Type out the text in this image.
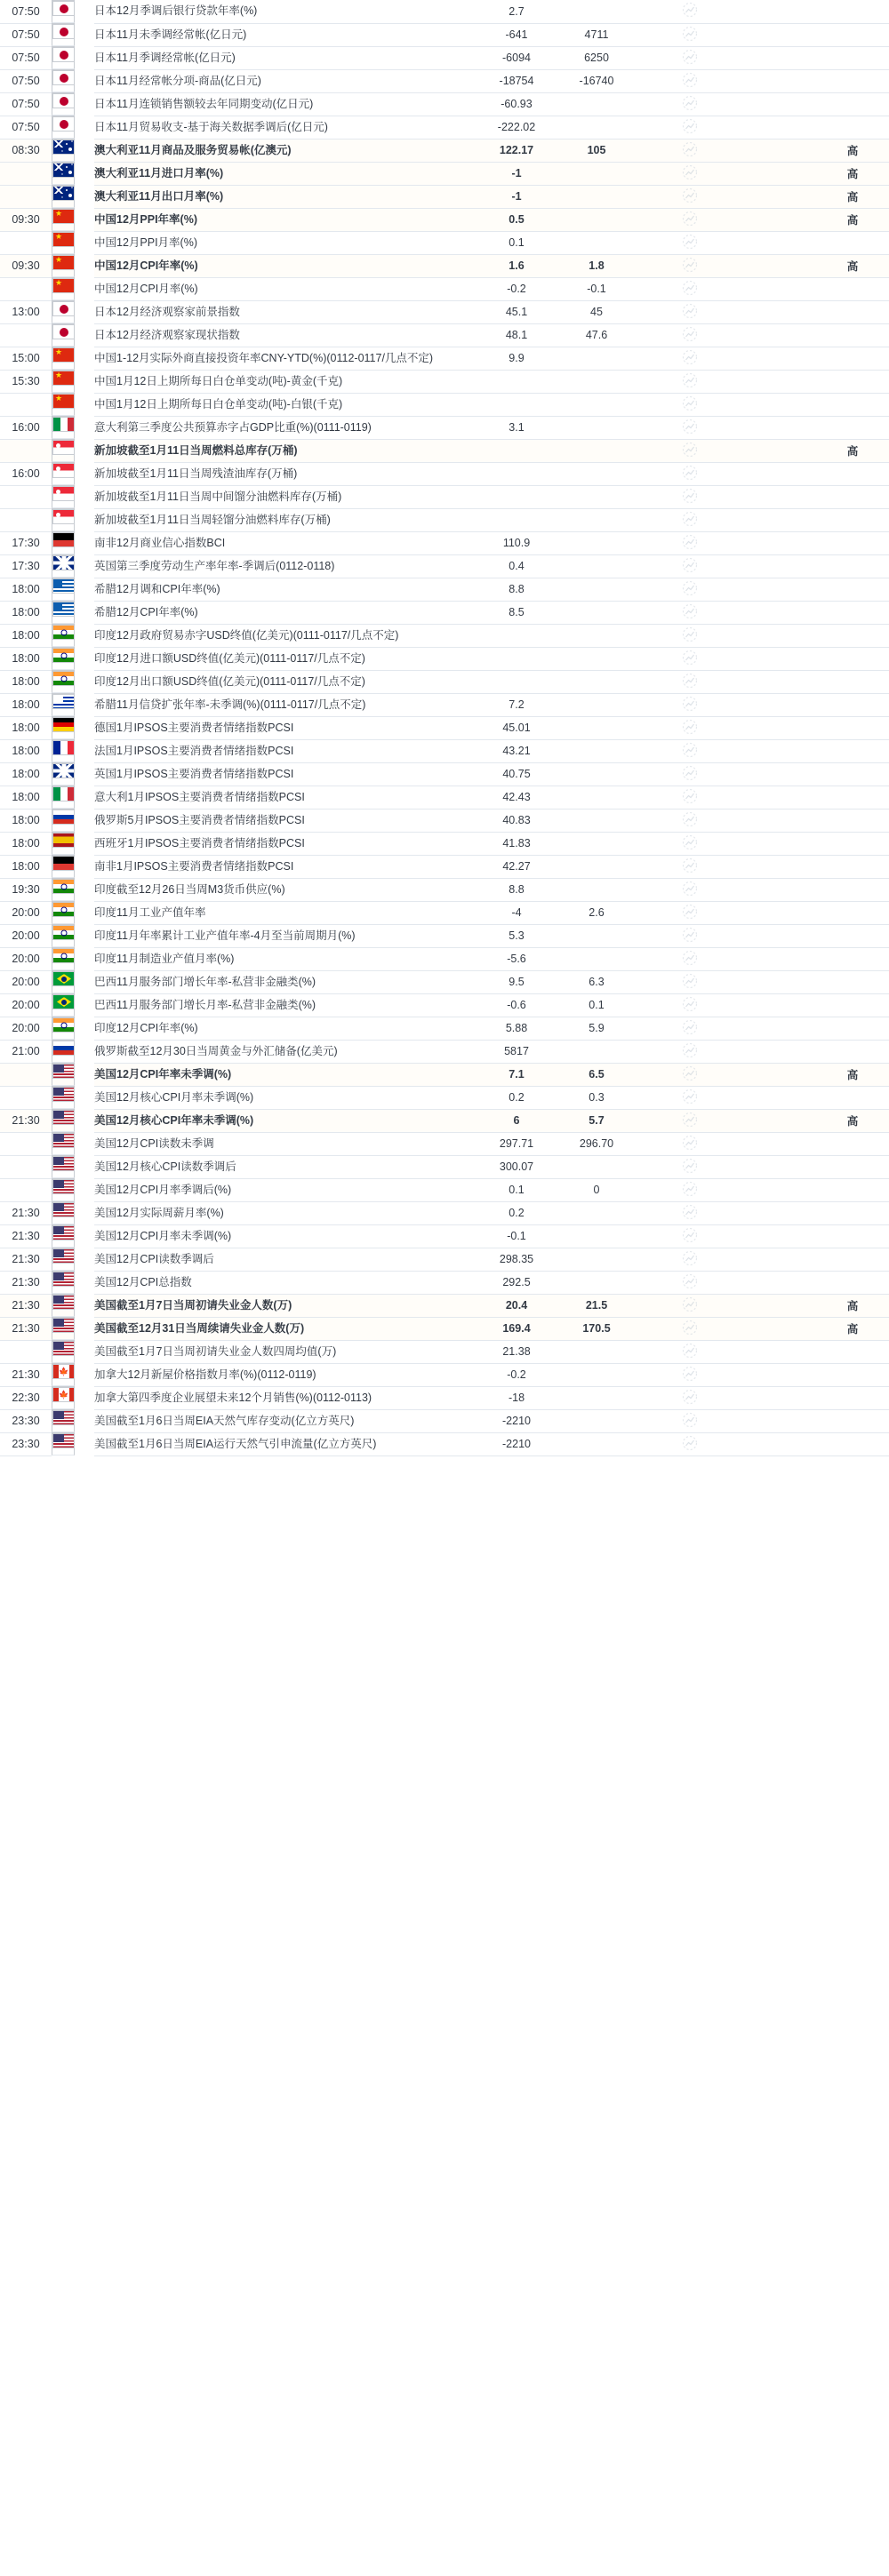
07:50	日本12月季调后银行贷款年率(%)	2.7		

07:50	日本11月未季调经常帐(亿日元)	-641	4711	

07:50	日本11月季调经常帐(亿日元)	-6094	6250	

07:50	日本11月经常帐分项-商品(亿日元)	-18754	-16740	

07:50	日本11月连锁销售额较去年同期变动(亿日元)	-60.93		

07:50	日本11月贸易收支-基于海关数据季调后(亿日元)	-222.02		

08:30	澳大利亚11月商品及服务贸易帐(亿澳元)	122.17	105			高
	澳大利亚11月进口月率(%)	-1				高
	澳大利亚11月出口月率(%)	-1				高
09:30	★中国12月PPI年率(%)	0.5				高
	★中国12月PPI月率(%)	0.1		

09:30	★中国12月CPI年率(%)	1.6	1.8			高
	★中国12月CPI月率(%)	-0.2	-0.1	

13:00	日本12月经济观察家前景指数	45.1	45	

	日本12月经济观察家现状指数	48.1	47.6	

15:00	★中国1-12月实际外商直接投资年率CNY-YTD(%)(0112-0117/几点不定)	9.9		

15:30	★中国1月12日上期所每日白仓单变动(吨)-黄金(千克)			

	★中国1月12日上期所每日白仓单变动(吨)-白银(千克)			

16:00	意大利第三季度公共预算赤字占GDP比重(%)(0111-0119)	3.1		

	新加坡截至1月11日当周燃料总库存(万桶)					高
16:00	新加坡截至1月11日当周残渣油库存(万桶)			

	新加坡截至1月11日当周中间馏分油燃料库存(万桶)			

	新加坡截至1月11日当周轻馏分油燃料库存(万桶)			

17:30	南非12月商业信心指数BCI	110.9		

17:30	英国第三季度劳动生产率年率-季调后(0112-0118)	0.4		

18:00	希腊12月调和CPI年率(%)	8.8		

18:00	希腊12月CPI年率(%)	8.5		

18:00	印度12月政府贸易赤字USD终值(亿美元)(0111-0117/几点不定)			

18:00	印度12月进口额USD终值(亿美元)(0111-0117/几点不定)			

18:00	印度12月出口额USD终值(亿美元)(0111-0117/几点不定)			

18:00	希腊11月信贷扩张年率-未季调(%)(0111-0117/几点不定)	7.2		

18:00	德国1月IPSOS主要消费者情绪指数PCSI	45.01		

18:00	法国1月IPSOS主要消费者情绪指数PCSI	43.21		

18:00	英国1月IPSOS主要消费者情绪指数PCSI	40.75		

18:00	意大利1月IPSOS主要消费者情绪指数PCSI	42.43		

18:00	俄罗斯5月IPSOS主要消费者情绪指数PCSI	40.83		

18:00	西班牙1月IPSOS主要消费者情绪指数PCSI	41.83		

18:00	南非1月IPSOS主要消费者情绪指数PCSI	42.27		

19:30	印度截至12月26日当周M3货币供应(%)	8.8		

20:00	印度11月工业产值年率	-4	2.6	

20:00	印度11月年率累计工业产值年率-4月至当前周期月(%)	5.3		

20:00	印度11月制造业产值月率(%)	-5.6		

20:00	巴西11月服务部门增长年率-私营非金融类(%)	9.5	6.3	

20:00	巴西11月服务部门增长月率-私营非金融类(%)	-0.6	0.1	

20:00	印度12月CPI年率(%)	5.88	5.9	

21:00	俄罗斯截至12月30日当周黄金与外汇储备(亿美元)	5817		

	美国12月CPI年率未季调(%)	7.1	6.5			高
	美国12月核心CPI月率未季调(%)	0.2	0.3	

21:30	美国12月核心CPI年率未季调(%)	6	5.7			高
	美国12月CPI读数未季调	297.71	296.70	

	美国12月核心CPI读数季调后	300.07		

	美国12月CPI月率季调后(%)	0.1	0	

21:30	美国12月实际周薪月率(%)	0.2		

21:30	美国12月CPI月率未季调(%)	-0.1		

21:30	美国12月CPI读数季调后	298.35		

21:30	美国12月CPI总指数	292.5		

21:30	美国截至1月7日当周初请失业金人数(万)	20.4	21.5			高
21:30	美国截至12月31日当周续请失业金人数(万)	169.4	170.5			高
	美国截至1月7日当周初请失业金人数四周均值(万)	21.38		

21:30	🍁加拿大12月新屋价格指数月率(%)(0112-0119)	-0.2		

22:30	🍁加拿大第四季度企业展望未来12个月销售(%)(0112-0113)	-18		

23:30	美国截至1月6日当周EIA天然气库存变动(亿立方英尺)	-2210		

23:30	美国截至1月6日当周EIA运行天然气引申流量(亿立方英尺)	-2210		
